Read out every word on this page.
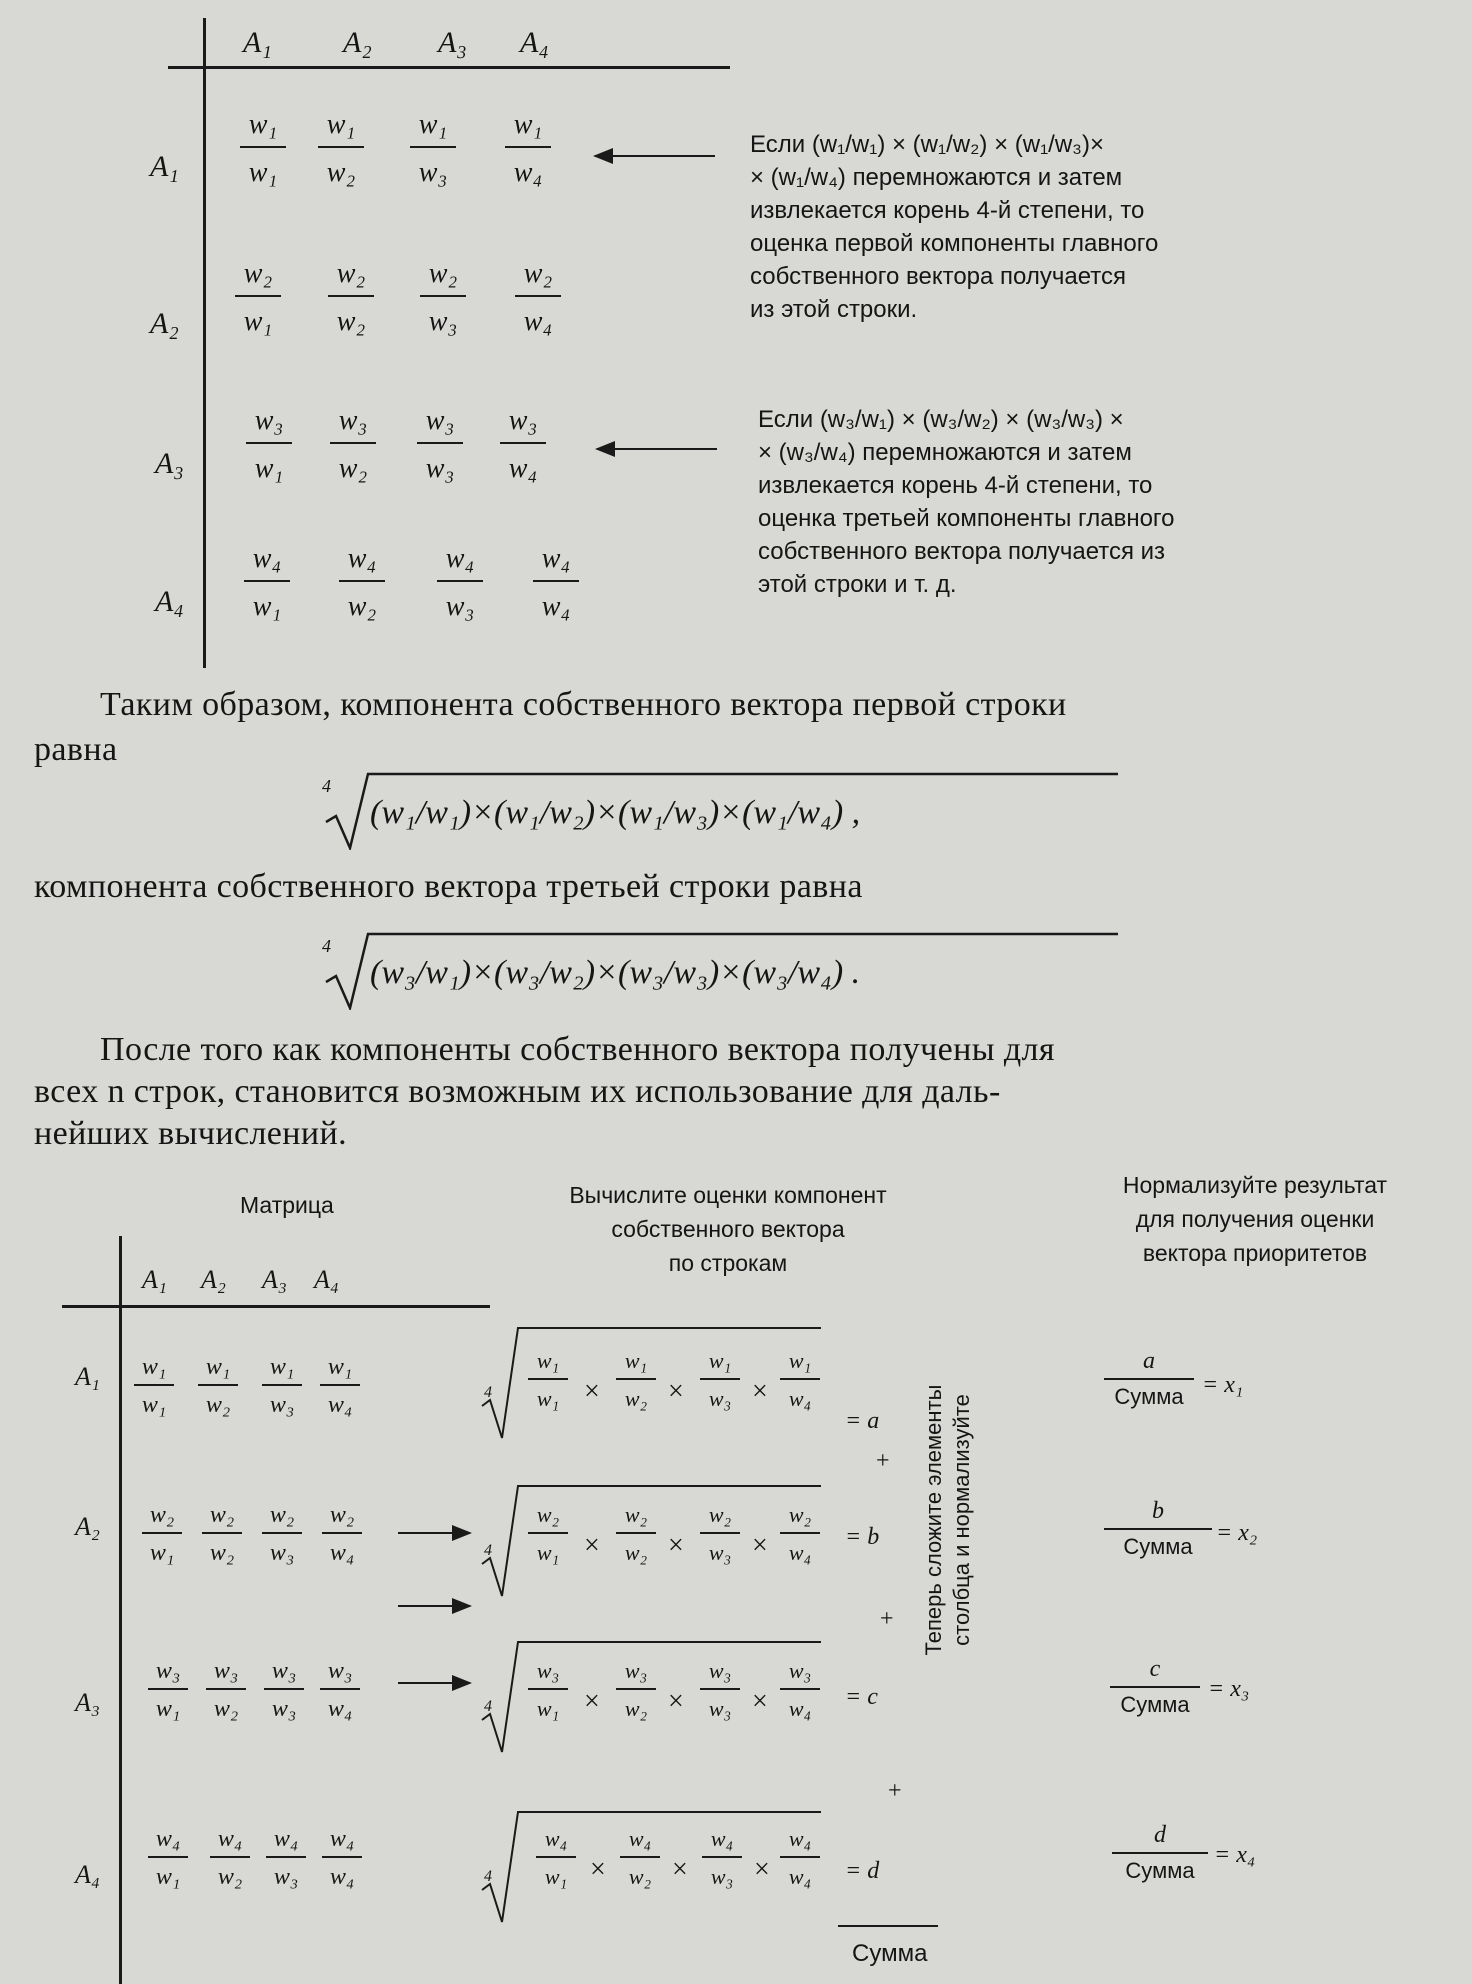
A₁ A₂ A₃ A₄
A₁
A₂
A₃
A₄
w₁
w₁
w₁
w₂
w₁
w₃
w₁
w₄
w₂
w₁
w₂
w₂
w₂
w₃
w₂
w₄
w₃
w₁
w₃
w₂
w₃
w₃
w₃
w₄
w₄
w₁
w₄
w₂
w₄
w₃
w₄
w₄
Если (w₁/w₁) × (w₁/w₂) × (w₁/w₃)×
× (w₁/w₄) перемножаются и затем
извлекается корень 4-й степени, то
оценка первой компоненты главного
собственного вектора получается
из этой строки.
Если (w₃/w₁) × (w₃/w₂) × (w₃/w₃) ×
× (w₃/w₄) перемножаются и затем
извлекается корень 4-й степени, то
оценка третьей компоненты главного
собственного вектора получается из
этой строки и т. д.
Таким образом, компонента собственного вектора первой строки
равна
4
(w₁/w₁)×(w₁/w₂)×(w₁/w₃)×(w₁/w₄) ,
компонента собственного вектора третьей строки равна
4
(w₃/w₁)×(w₃/w₂)×(w₃/w₃)×(w₃/w₄) .
После того как компоненты собственного вектора получены для
всех n строк, становится возможным их использование для даль-
нейших вычислений.
Матрица	Вычислите оценки компонент
собственного вектора
по строкам
Нормализуйте результат
для получения оценки
вектора приоритетов
A₁ A₂ A₃ A₄
A₁
A₂
A₃
A₄
w₁
w₁
w₁
w₂
w₁
w₃
w₁
w₄
w₂
w₁
w₂
w₂
w₂
w₃
w₂
w₄
w₃
w₁
w₃
w₂
w₃
w₃
w₃
w₄
w₄
w₁
w₄
w₂
w₄
w₃
w₄
w₄
4
4
4
4
w₁
w₁ ×
w₁
w₂ ×
w₁
w₃ ×
w₁
w₄
w₂
w₁ ×
w₂
w₂ ×
w₂
w₃ ×
w₂
w₄
w₃
w₁ ×
w₃
w₂ ×
w₃
w₃ ×
w₃
w₄
w₄
w₁ ×
w₄
w₂ ×
w₄
w₃ ×
w₄
w₄
= a
+
= b
+
= c
+
= d
Сумма
Теперь сложите элементы столбца и нормализуйте
a
Сумма = x₁
b
Сумма
= x₂
c
Сумма
= x₃
d
Сумма
= x₄
